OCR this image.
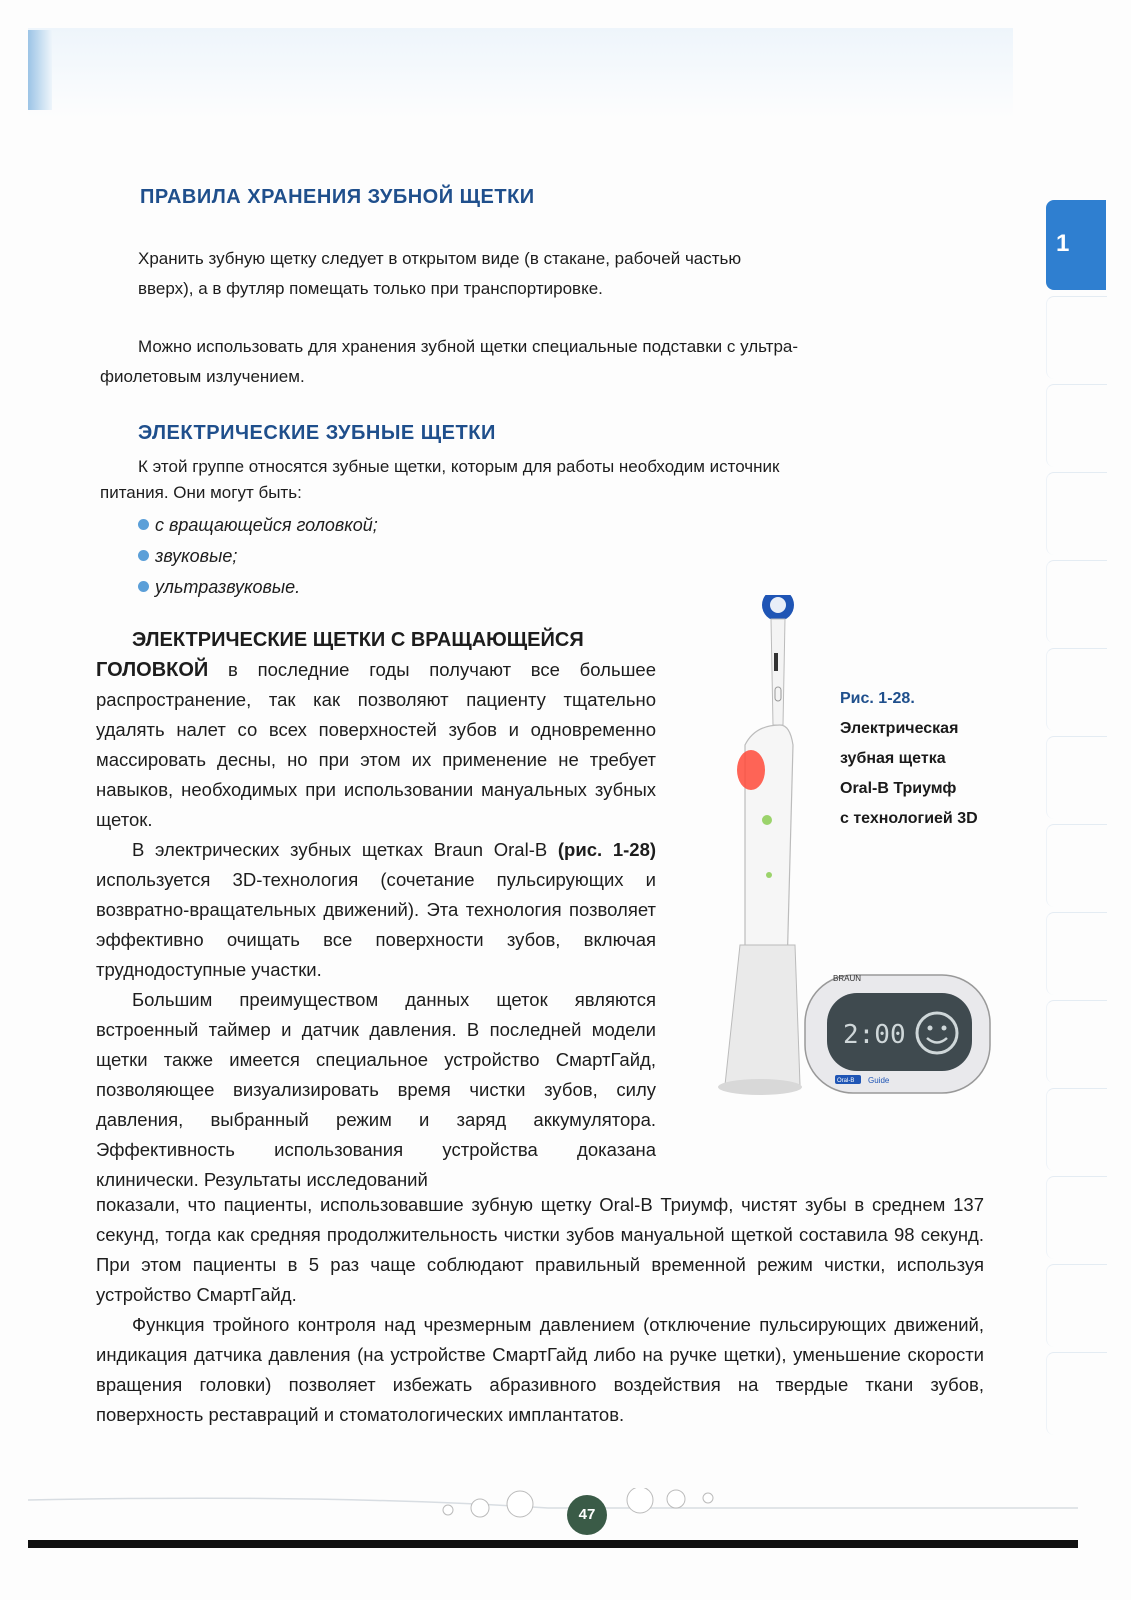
1
ПРАВИЛА ХРАНЕНИЯ ЗУБНОЙ ЩЕТКИ

Хранить зубную щетку следует в открытом виде (в стакане, рабочей частью

вверх), а в футляр помещать только при транспортировке.

Можно использовать для хранения зубной щетки специальные подставки с ультра-

фиолетовым излучением.

ЭЛЕКТРИЧЕСКИЕ ЗУБНЫЕ ЩЕТКИ

К этой группе относятся зубные щетки, которым для работы необходим источник

питания. Они могут быть:

с вращающейся головкой;
звуковые;
ультразвуковые.
ЭЛЕКТРИЧЕСКИЕ ЩЕТКИ С ВРАЩАЮЩЕЙСЯ
ГОЛОВКОЙ в последние годы получают все большее распространение, так как позволяют пациенту тщательно удалять налет со всех поверхностей зубов и одновременно массировать десны, но при этом их применение не требует навыков, необходимых при использовании мануальных зубных щеток.
В электрических зубных щетках Braun Oral-B (рис. 1-28) используется 3D-технология (сочетание пульсирующих и возвратно-вращательных движений). Эта технология позволяет эффективно очищать все поверхности зубов, включая труднодоступные участки.
Большим преимуществом данных щеток являются встроенный таймер и датчик давления. В последней модели щетки также имеется специальное устройство СмартГайд, позволяющее визуализировать время чистки зубов, силу давления, выбранный режим и заряд аккумулятора. Эффективность использования устройства доказана клинически. Результаты исследований
показали, что пациенты, использовавшие зубную щетку Oral-B Триумф, чистят зубы в среднем 137 секунд, тогда как средняя продолжительность чистки зубов мануальной щеткой составила 98 секунд. При этом пациенты в 5 раз чаще соблюдают правильный временной режим чистки, используя устройство СмартГайд.
Функция тройного контроля над чрезмерным давлением (отключение пульсирующих движений, индикация датчика давления (на устройстве СмартГайд либо на ручке щетки), уменьшение скорости вращения головки) позволяет избежать абразивного воздействия на твердые ткани зубов, поверхность реставраций и стоматологических имплантатов.
BRAUN
2:00
Oral-B Guide
Рис. 1-28.
Электрическая
зубная щетка
Oral-B Триумф
с технологией 3D
47
